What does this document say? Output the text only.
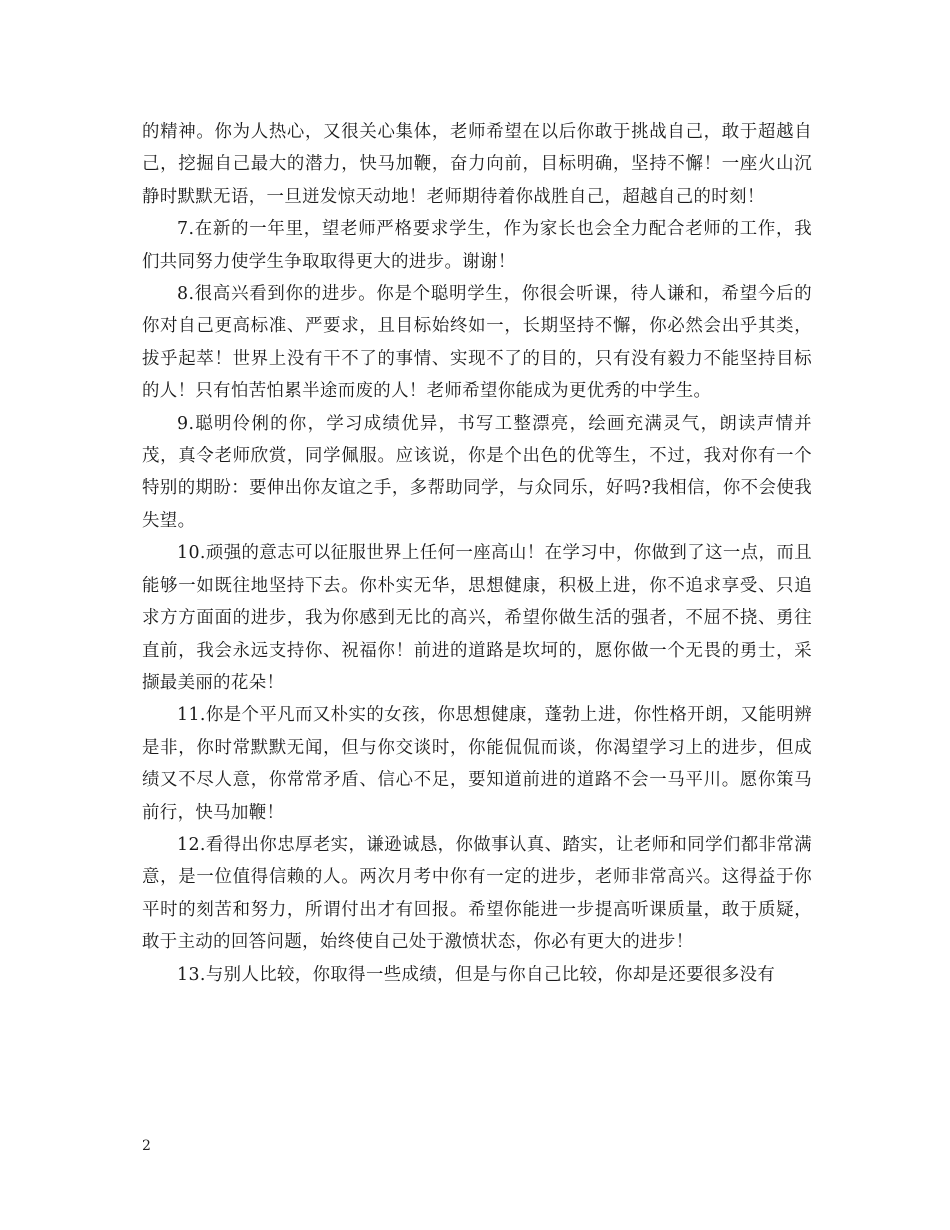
的精神。你为人热心，又很关心集体，老师希望在以后你敢于挑战自己，敢于超越自己，挖掘自己最大的潜力，快马加鞭，奋力向前，目标明确，坚持不懈！一座火山沉静时默默无语，一旦迸发惊天动地！老师期待着你战胜自己，超越自己的时刻！

7.在新的一年里，望老师严格要求学生，作为家长也会全力配合老师的工作，我们共同努力使学生争取取得更大的进步。谢谢！

8.很高兴看到你的进步。你是个聪明学生，你很会听课，待人谦和，希望今后的你对自己更高标准、严要求，且目标始终如一，长期坚持不懈，你必然会出乎其类，拔乎起萃！世界上没有干不了的事情、实现不了的目的，只有没有毅力不能坚持目标的人！只有怕苦怕累半途而废的人！老师希望你能成为更优秀的中学生。

9.聪明伶俐的你，学习成绩优异，书写工整漂亮，绘画充满灵气，朗读声情并茂，真令老师欣赏，同学佩服。应该说，你是个出色的优等生，不过，我对你有一个特别的期盼：要伸出你友谊之手，多帮助同学，与众同乐，好吗?我相信，你不会使我失望。

10.顽强的意志可以征服世界上任何一座高山！在学习中，你做到了这一点，而且能够一如既往地坚持下去。你朴实无华，思想健康，积极上进，你不追求享受、只追求方方面面的进步，我为你感到无比的高兴，希望你做生活的强者，不屈不挠、勇往直前，我会永远支持你、祝福你！前进的道路是坎坷的，愿你做一个无畏的勇士，采撷最美丽的花朵！

11.你是个平凡而又朴实的女孩，你思想健康，蓬勃上进，你性格开朗，又能明辨是非，你时常默默无闻，但与你交谈时，你能侃侃而谈，你渴望学习上的进步，但成绩又不尽人意，你常常矛盾、信心不足，要知道前进的道路不会一马平川。愿你策马前行，快马加鞭！

12.看得出你忠厚老实，谦逊诚恳，你做事认真、踏实，让老师和同学们都非常满意，是一位值得信赖的人。两次月考中你有一定的进步，老师非常高兴。这得益于你平时的刻苦和努力，所谓付出才有回报。希望你能进一步提高听课质量，敢于质疑，敢于主动的回答问题，始终使自己处于激愤状态，你必有更大的进步！

13.与别人比较，你取得一些成绩，但是与你自己比较，你却是还要很多没有

2
